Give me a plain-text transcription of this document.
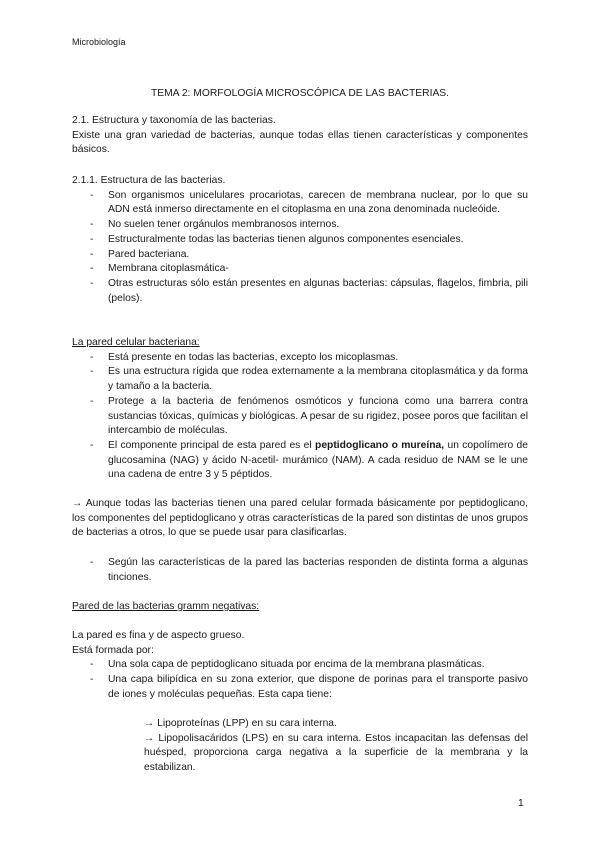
Microbiología
TEMA 2: MORFOLOGÍA MICROSCÓPICA DE LAS BACTERIAS.
2.1. Estructura y taxonomía de las bacterias.
Existe una gran variedad de bacterias, aunque todas ellas tienen características y componentes básicos.
2.1.1. Estructura de las bacterias.
- Son organismos unicelulares procariotas, carecen de membrana nuclear, por lo que su ADN está inmerso directamente en el citoplasma en una zona denominada nucleóide.
- No suelen tener orgánulos membranosos internos.
- Estructuralmente todas las bacterias tienen algunos componentes esenciales.
- Pared bacteriana.
- Membrana citoplasmática-
- Otras estructuras sólo están presentes en algunas bacterias: cápsulas, flagelos, fimbria, pili (pelos).
La pared celular bacteriana:
- Está presente en todas las bacterias, excepto los micoplasmas.
- Es una estructura rígida que rodea externamente a la membrana citoplasmática y da forma y tamaño a la bacteria.
- Protege a la bacteria de fenómenos osmóticos y funciona como una barrera contra sustancias tóxicas, químicas y biológicas. A pesar de su rigidez, posee poros que facilitan el intercambio de moléculas.
- El componente principal de esta pared es el peptidoglicano o mureína, un copolímero de glucosamina (NAG) y ácido N-acetil- murámico (NAM). A cada residuo de NAM se le une una cadena de entre 3 y 5 péptidos.
→ Aunque todas las bacterias tienen una pared celular formada básicamente por peptidoglicano, los componentes del peptidoglicano y otras características de la pared son distintas de unos grupos de bacterias a otros, lo que se puede usar para clasificarlas.
- Según las características de la pared las bacterias responden de distinta forma a algunas tinciones.
Pared de las bacterias gramm negativas:
La pared es fina y de aspecto grueso.
Está formada por:
- Una sola capa de peptidoglicano situada por encima de la membrana plasmáticas.
- Una capa bilipídica en su zona exterior, que dispone de porinas para el transporte pasivo de iones y moléculas pequeñas. Esta capa tiene:
→ Lipoproteínas (LPP) en su cara interna.
→ Lipopolisacáridos (LPS) en su cara interna. Estos incapacitan las defensas del huésped, proporciona carga negativa a la superficie de la membrana y la estabilizan.
1
